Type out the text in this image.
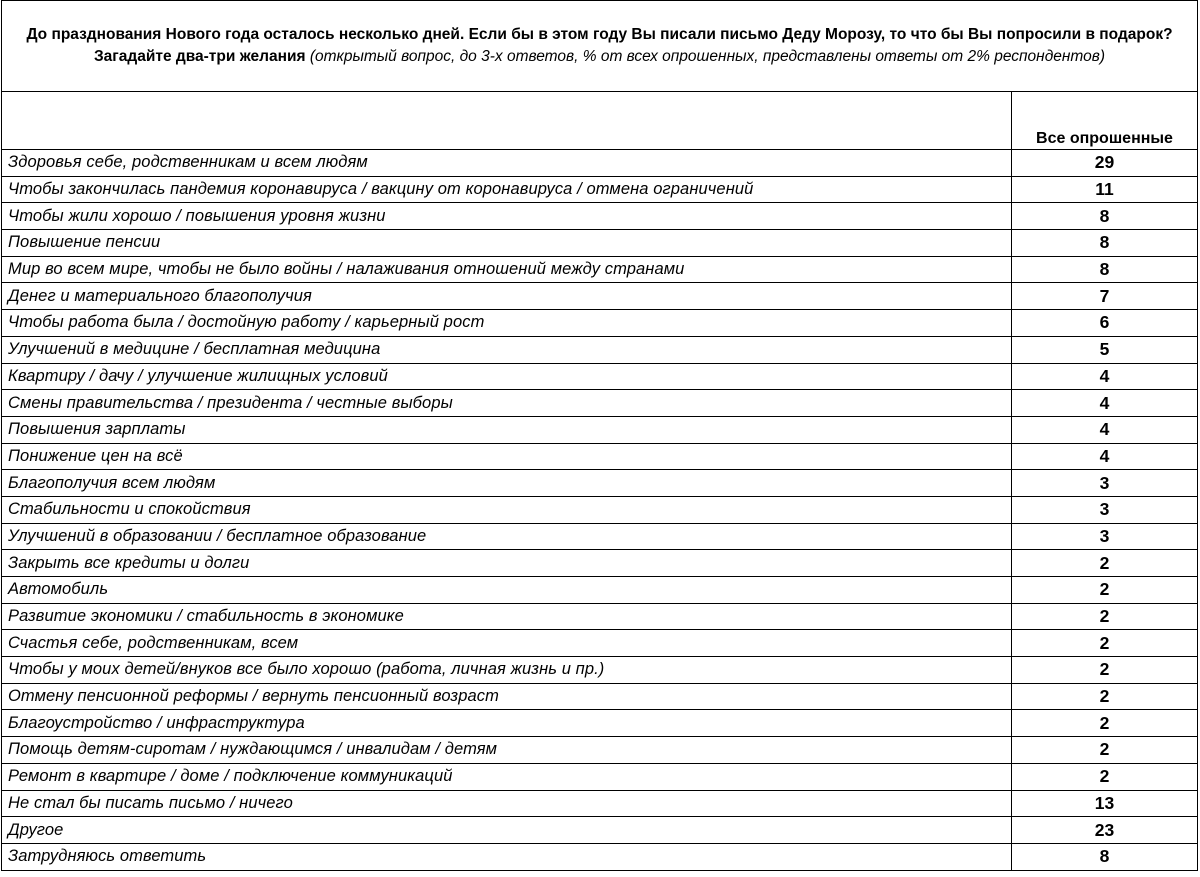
До празднования Нового года осталось несколько дней. Если бы в этом году Вы писали письмо Деду Морозу, то что бы Вы попросили в подарок? Загадайте два-три желания (открытый вопрос, до 3-х ответов, % от всех опрошенных, представлены ответы от 2% респондентов)	
	Все опрошенные
Здоровья себе, родственникам и всем людям	29
Чтобы закончилась пандемия коронавируса / вакцину от коронавируса / отмена ограничений	11
Чтобы жили хорошо / повышения уровня жизни	8
Повышение пенсии	8
Мир во всем мире, чтобы не было войны / налаживания отношений между странами	8
Денег и материального благополучия	7
Чтобы работа была / достойную работу / карьерный рост	6
Улучшений в медицине / бесплатная медицина	5
Квартиру / дачу / улучшение жилищных условий	4
Смены правительства / президента / честные выборы	4
Повышения зарплаты	4
Понижение цен на всё	4
Благополучия всем людям	3
Стабильности и спокойствия	3
Улучшений в образовании / бесплатное образование	3
Закрыть все кредиты и долги	2
Автомобиль	2
Развитие экономики / стабильность в экономике	2
Счастья себе, родственникам, всем	2
Чтобы у моих детей/внуков все было хорошо (работа, личная жизнь и пр.)	2
Отмену пенсионной реформы / вернуть пенсионный возраст	2
Благоустройство / инфраструктура	2
Помощь детям-сиротам / нуждающимся / инвалидам / детям	2
Ремонт в квартире / доме / подключение коммуникаций	2
Не стал бы писать письмо / ничего	13
Другое	23
Затрудняюсь ответить	8
